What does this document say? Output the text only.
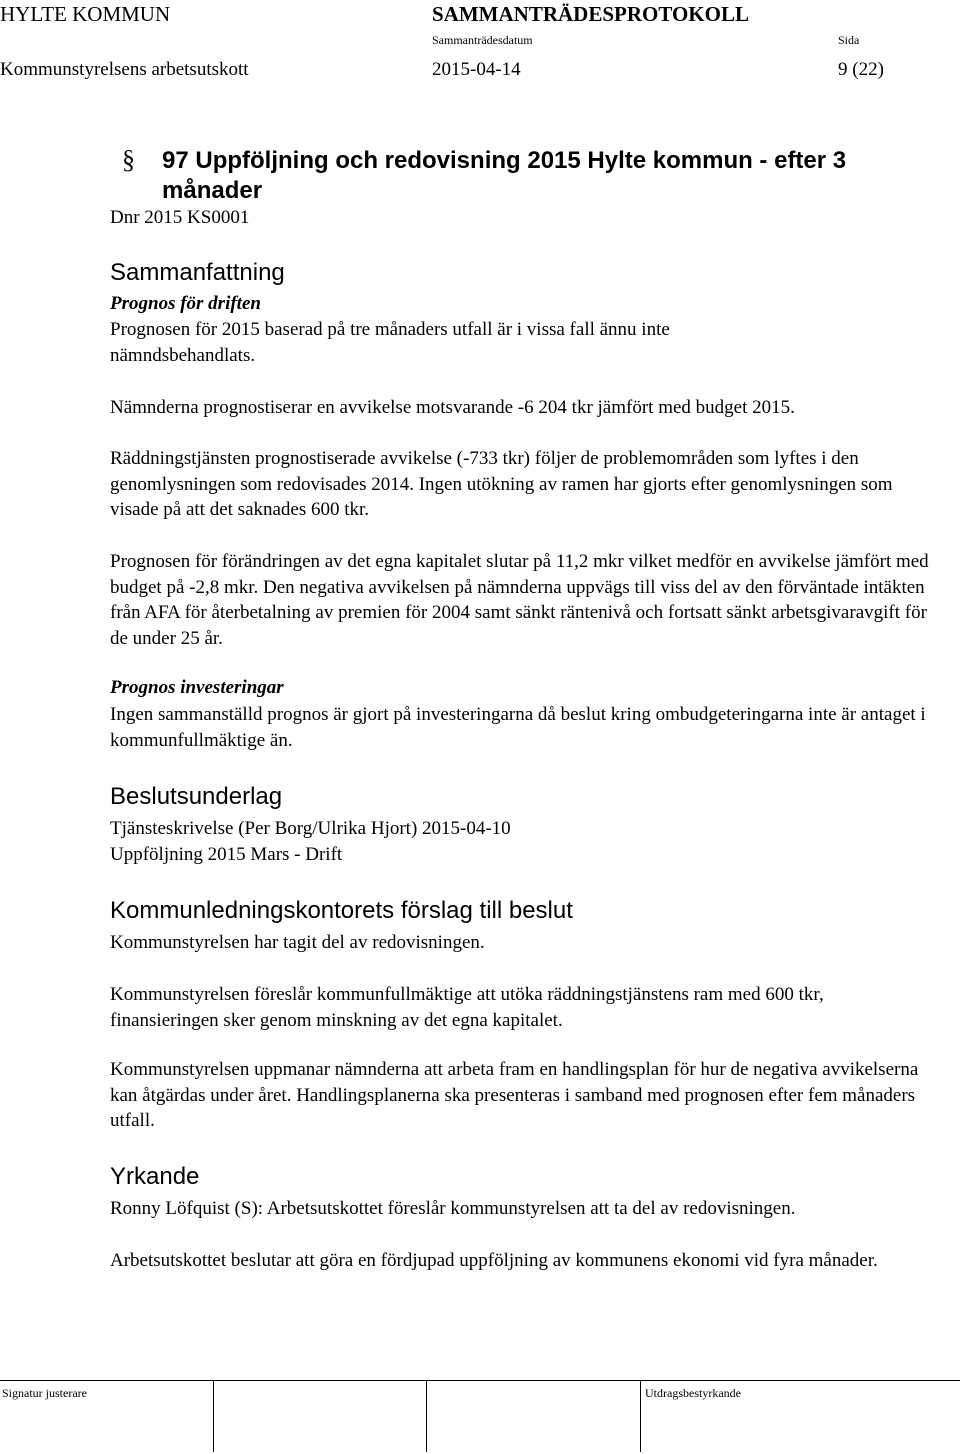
HYLTE KOMMUN	SAMMANTRÄDESPROTOKOLL
Sammanträdesdatum	Sida
Kommunstyrelsens arbetsutskott	2015-04-14	9 (22)
§ 97 Uppföljning och redovisning 2015 Hylte kommun - efter 3 månader
Dnr 2015 KS0001
Sammanfattning
Prognos för driften
Prognosen för 2015 baserad på tre månaders utfall är i vissa fall ännu inte nämndsbehandlats.
Nämnderna prognostiserar en avvikelse motsvarande -6 204 tkr jämfört med budget 2015.
Räddningstjänsten prognostiserade avvikelse (-733 tkr) följer de problemområden som lyftes i den genomlysningen som redovisades 2014. Ingen utökning av ramen har gjorts efter genomlysningen som visade på att det saknades 600 tkr.
Prognosen för förändringen av det egna kapitalet slutar på 11,2 mkr vilket medför en avvikelse jämfört med budget på -2,8 mkr. Den negativa avvikelsen på nämnderna uppvägs till viss del av den förväntade intäkten från AFA för återbetalning av premien för 2004 samt sänkt räntenivå och fortsatt sänkt arbetsgivaravgift för de under 25 år.
Prognos investeringar
Ingen sammanställd prognos är gjort på investeringarna då beslut kring ombudgeteringarna inte är antaget i kommunfullmäktige än.
Beslutsunderlag
Tjänsteskrivelse (Per Borg/Ulrika Hjort) 2015-04-10
Uppföljning 2015 Mars - Drift
Kommunledningskontorets förslag till beslut
Kommunstyrelsen har tagit del av redovisningen.
Kommunstyrelsen föreslår kommunfullmäktige att utöka räddningstjänstens ram med 600 tkr, finansieringen sker genom minskning av det egna kapitalet.
Kommunstyrelsen uppmanar nämnderna att arbeta fram en handlingsplan för hur de negativa avvikelserna kan åtgärdas under året. Handlingsplanerna ska presenteras i samband med prognosen efter fem månaders utfall.
Yrkande
Ronny Löfquist (S): Arbetsutskottet föreslår kommunstyrelsen att ta del av redovisningen.
Arbetsutskottet beslutar att göra en fördjupad uppföljning av kommunens ekonomi vid fyra månader.
Signatur justerare	Utdragsbestyrkande
